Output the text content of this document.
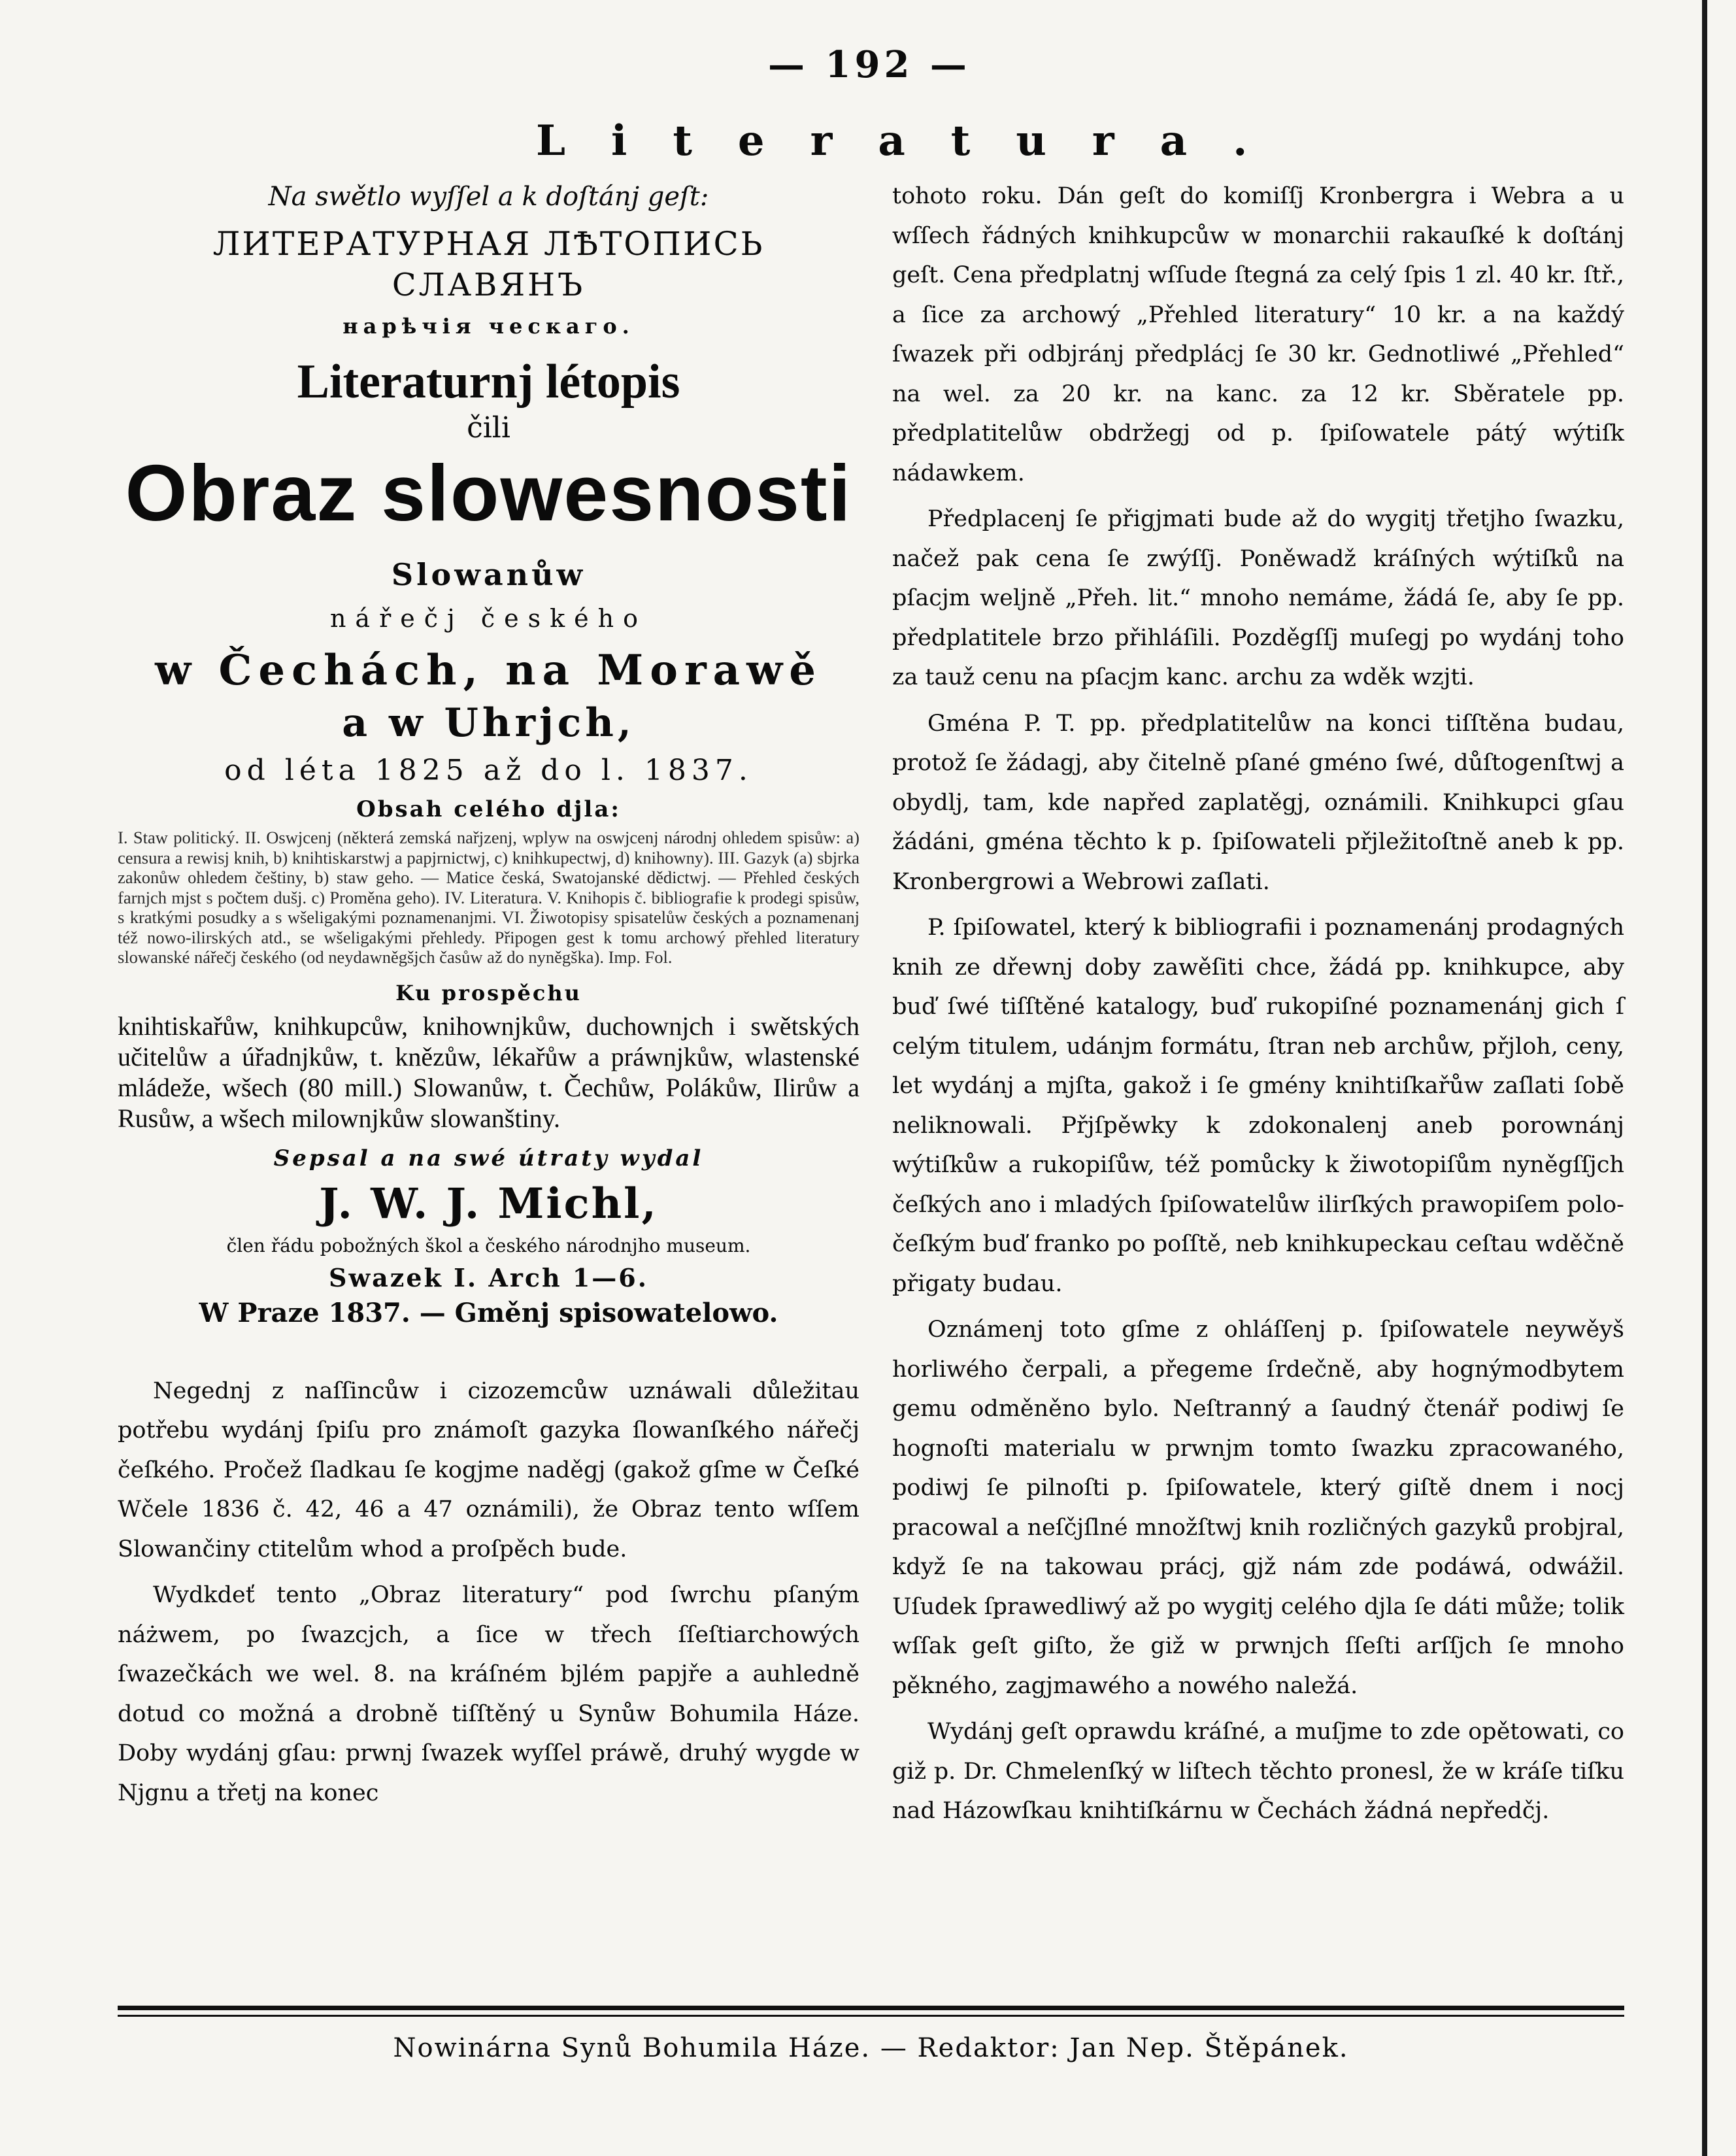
— 192 —
Literatura.

Na swětlo wyſſel a k doſtánj geſt:

ЛИТЕРАТУРНАЯ ЛѢТОПИСЬ

СЛАВЯНЪ

нарѣчія ческаго.

Literaturnj létopis

čili

Obraz slowesnosti

Slowanůw

nářečj českého

w Čechách, na Morawě

a w Uhrjch,

od léta 1825 až do l. 1837.

Obsah celého djla:

I. Staw politický. II. Oswjcenj (některá zemská nařjzenj, wplyw na oswjcenj národnj ohledem spisůw: a) censura a rewisj knih, b) knihtiskarstwj a papjrnictwj, c) knihkupectwj, d) knihowny). III. Gazyk (a) sbjrka zakonůw ohledem češtiny, b) staw geho. — Matice česká, Swatojanské dědictwj. — Přehled českých farnjch mjst s počtem dušj. c) Proměna geho). IV. Literatura. V. Knihopis č. bibliografie k prodegi spisůw, s kratkými posudky a s wšeligakými poznamenanjmi. VI. Žiwotopisy spisatelůw českých a poznamenanj též nowo-ilirských atd., se wšeligakými přehledy. Připogen gest k tomu archowý přehled literatury slowanské nářečj českého (od neydawněgšjch časůw až do nyněgška). Imp. Fol.

Ku prospěchu

knihtiskařůw, knihkupcůw, knihownjkůw, duchownjch i swětských učitelůw a úřadnjkůw, t. knězůw, lékařůw a práwnjkůw, wlastenské mládeže, wšech (80 mill.) Slowanůw, t. Čechůw, Polákůw, Ilirůw a Rusůw, a wšech milownjkůw slowanštiny.

Sepsal a na swé útraty wydal

J. W. J. Michl,

člen řádu pobožných škol a českého národnjho museum.

Swazek I. Arch 1—6.

W Praze 1837. — Gměnj spisowatelowo.

Negednj z naſſincůw i cizozemcůw uznáwali důležitau potřebu wydánj ſpiſu pro známoſt gazyka ſlowanſkého nářečj čeſkého. Pročež ſladkau ſe kogjme naděgj (gakož gſme w Čeſké Wčele 1836 č. 42, 46 a 47 oznámili), že Obraz tento wſſem Slowančiny ctitelům whod a proſpěch bude.

Wydkdeť tento „Obraz literatury“ pod ſwrchu pſaným náżwem, po ſwazcjch, a ſice w třech ſſeſtiarchowých ſwazečkách we wel. 8. na kráſném bjlém papjře a auhledně dotud co možná a drobně tiſſtěný u Synůw Bohumila Háze. Doby wydánj gſau: prwnj ſwazek wyſſel práwě, druhý wygde w Njgnu a třetj na konec

tohoto roku. Dán geſt do komiſſj Kronbergra i Webra a u wſſech řádných knihkupcůw w monarchii rakauſké k doſtánj geſt. Cena předplatnj wſſude ſtegná za celý ſpis 1 zl. 40 kr. ſtř., a ſice za archowý „Přehled literatury“ 10 kr. a na každý ſwazek při odbjránj předplácj ſe 30 kr. Gednotliwé „Přehled“ na wel. za 20 kr. na kanc. za 12 kr. Sběratele pp. předplatitelůw obdržegj od p. ſpiſowatele pátý wýtiſk nádawkem.

Předplacenj ſe přigjmati bude až do wygitj třetjho ſwazku, načež pak cena ſe zwýſſj. Poněwadž kráſných wýtiſků na pſacjm weljně „Přeh. lit.“ mnoho nemáme, žádá ſe, aby ſe pp. předplatitele brzo přihláſili. Pozděgſſj muſegj po wydánj toho za tauž cenu na pſacjm kanc. archu za wděk wzjti.

Gména P. T. pp. předplatitelůw na konci tiſſtěna budau, protož ſe žádagj, aby čitelně pſané gméno ſwé, důſtogenſtwj a obydlj, tam, kde napřed zaplatěgj, oznámili. Knihkupci gſau žádáni, gména těchto k p. ſpiſowateli přjležitoſtně aneb k pp. Kronbergrowi a Webrowi zaſlati.

P. ſpiſowatel, který k bibliografii i poznamenánj prodagných knih ze dřewnj doby zawěſiti chce, žádá pp. knihkupce, aby buď ſwé tiſſtěné katalogy, buď rukopiſné poznamenánj gich ſ celým titulem, udánjm formátu, ſtran neb archůw, přjloh, ceny, let wydánj a mjſta, gakož i ſe gmény knihtiſkařůw zaſlati ſobě neliknowali. Přjſpěwky k zdokonalenj aneb porownánj wýtiſkůw a rukopiſůw, též pomůcky k žiwotopiſům nyněgſſjch čeſkých ano i mladých ſpiſowatelůw ilirſkých prawopiſem polo-čeſkým buď franko po poſſtě, neb knihkupeckau ceſtau wděčně přigaty budau.

Oznámenj toto gſme z ohláſſenj p. ſpiſowatele neywěyš horliwého čerpali, a přegeme ſrdečně, aby hognýmodbytem gemu odměněno bylo. Neſtranný a ſaudný čtenář podiwj ſe hognoſti materialu w prwnjm tomto ſwazku zpracowaného, podiwj ſe pilnoſti p. ſpiſowatele, který giſtě dnem i nocj pracowal a neſčjſlné množſtwj knih rozličných gazyků probjral, když ſe na takowau prácj, gjž nám zde podáwá, odwážil. Uſudek ſprawedliwý až po wygitj celého djla ſe dáti může; tolik wſſak geſt giſto, že giž w prwnjch ſſeſti arſſjch ſe mnoho pěkného, zagjmawého a nowého naležá.

Wydánj geſt oprawdu kráſné, a muſjme to zde opětowati, co giž p. Dr. Chmelenſký w liſtech těchto pronesl, že w kráſe tiſku nad Házowſkau knihtiſkárnu w Čechách žádná nepředčj.

Nowinárna Synů Bohumila Háze. — Redaktor: Jan Nep. Štěpánek.
